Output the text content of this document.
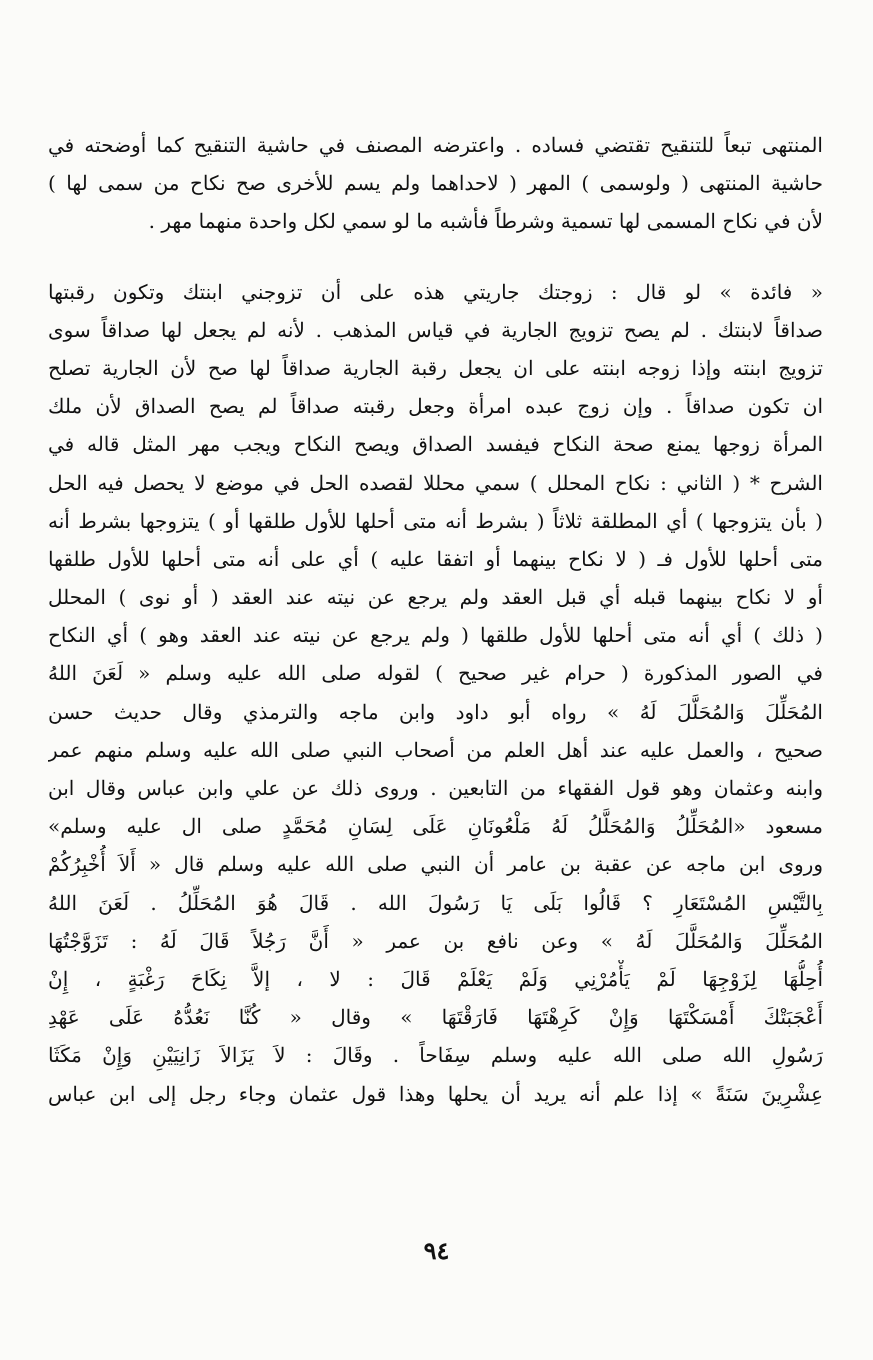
المنتهى تبعاً للتنقيح تقتضي فساده . واعترضه المصنف في حاشية التنقيح كما أوضحته في
حاشية المنتهى ( ولوسمى ) المهر ( لاحداهما ولم يسم للأخرى صح نكاح من سمى لها )
لأن في نكاح المسمى لها تسمية وشرطاً فأشبه ما لو سمي لكل واحدة منهما مهر .
« فائدة » لو قال : زوجتك جاريتي هذه على أن تزوجني ابنتك وتكون رقبتها
صداقاً لابنتك . لم يصح تزويج الجارية في قياس المذهب . لأنه لم يجعل لها صداقاً سوى
تزويج ابنته وإذا زوجه ابنته على ان يجعل رقبة الجارية صداقاً لها صح لأن الجارية تصلح
ان تكون صداقاً . وإن زوج عبده امرأة وجعل رقبته صداقاً لم يصح الصداق لأن ملك
المرأة زوجها يمنع صحة النكاح فيفسد الصداق ويصح النكاح ويجب مهر المثل قاله في
الشرح * ( الثاني : نكاح المحلل ) سمي محللا لقصده الحل في موضع لا يحصل فيه الحل
( بأن يتزوجها ) أي المطلقة ثلاثاً ( بشرط أنه متى أحلها للأول طلقها أو ) يتزوجها بشرط أنه
متى أحلها للأول فـ ( لا نكاح بينهما أو اتفقا عليه ) أي على أنه متى أحلها للأول طلقها
أو لا نكاح بينهما قبله أي قبل العقد ولم يرجع عن نيته عند العقد ( أو نوى ) المحلل
( ذلك ) أي أنه متى أحلها للأول طلقها ( ولم يرجع عن نيته عند العقد وهو ) أي النكاح
في الصور المذكورة ( حرام غير صحيح ) لقوله صلى الله عليه وسلم « لَعَنَ اللهُ
المُحَلِّلَ وَالمُحَلَّلَ لَهُ » رواه أبو داود وابن ماجه والترمذي وقال حديث حسن
صحيح ، والعمل عليه عند أهل العلم من أصحاب النبي صلى الله عليه وسلم منهم عمر
وابنه وعثمان وهو قول الفقهاء من التابعين . وروى ذلك عن علي وابن عباس وقال ابن
مسعود «المُحَلِّلُ وَالمُحَلَّلُ لَهُ مَلْعُونَانِ عَلَى لِسَانِ مُحَمَّدٍ صلى ال عليه وسلم»
وروى ابن ماجه عن عقبة بن عامر أن النبي صلى الله عليه وسلم قال « أَلاَ أُخْبِرُكُمْ
بِالتَّيْسِ المُسْتَعَارِ ؟ قَالُوا بَلَى يَا رَسُولَ الله . قَالَ هُوَ المُحَلِّلُ . لَعَنَ اللهُ
المُحَلِّلَ وَالمُحَلَّلَ لَهُ » وعن نافع بن عمر « أَنَّ رَجُلاً قَالَ لَهُ : تَزَوَّجْتُهَا
أُحِلُّهَا لِزَوْجِهَا لَمْ يَأْمُرْنِي وَلَمْ يَعْلَمْ قَالَ : لا ، إلاَّ نِكَاحَ رَغْبَةٍ ، إِنْ
أَعْجَبَتْكَ أَمْسَكْتَهَا وَإِنْ كَرِهْتَهَا فَارَقْتَهَا » وقال « كُنَّا نَعُدُّهُ عَلَى عَهْدِ
رَسُولِ الله صلى الله عليه وسلم سِفَاحاً . وقَالَ : لاَ يَزَالاَ زَانِيَيْنِ وَإِنْ مَكَثَا
عِشْرِينَ سَنَةً » إذا علم أنه يريد أن يحلها وهذا قول عثمان وجاء رجل إلى ابن عباس
٩٤
